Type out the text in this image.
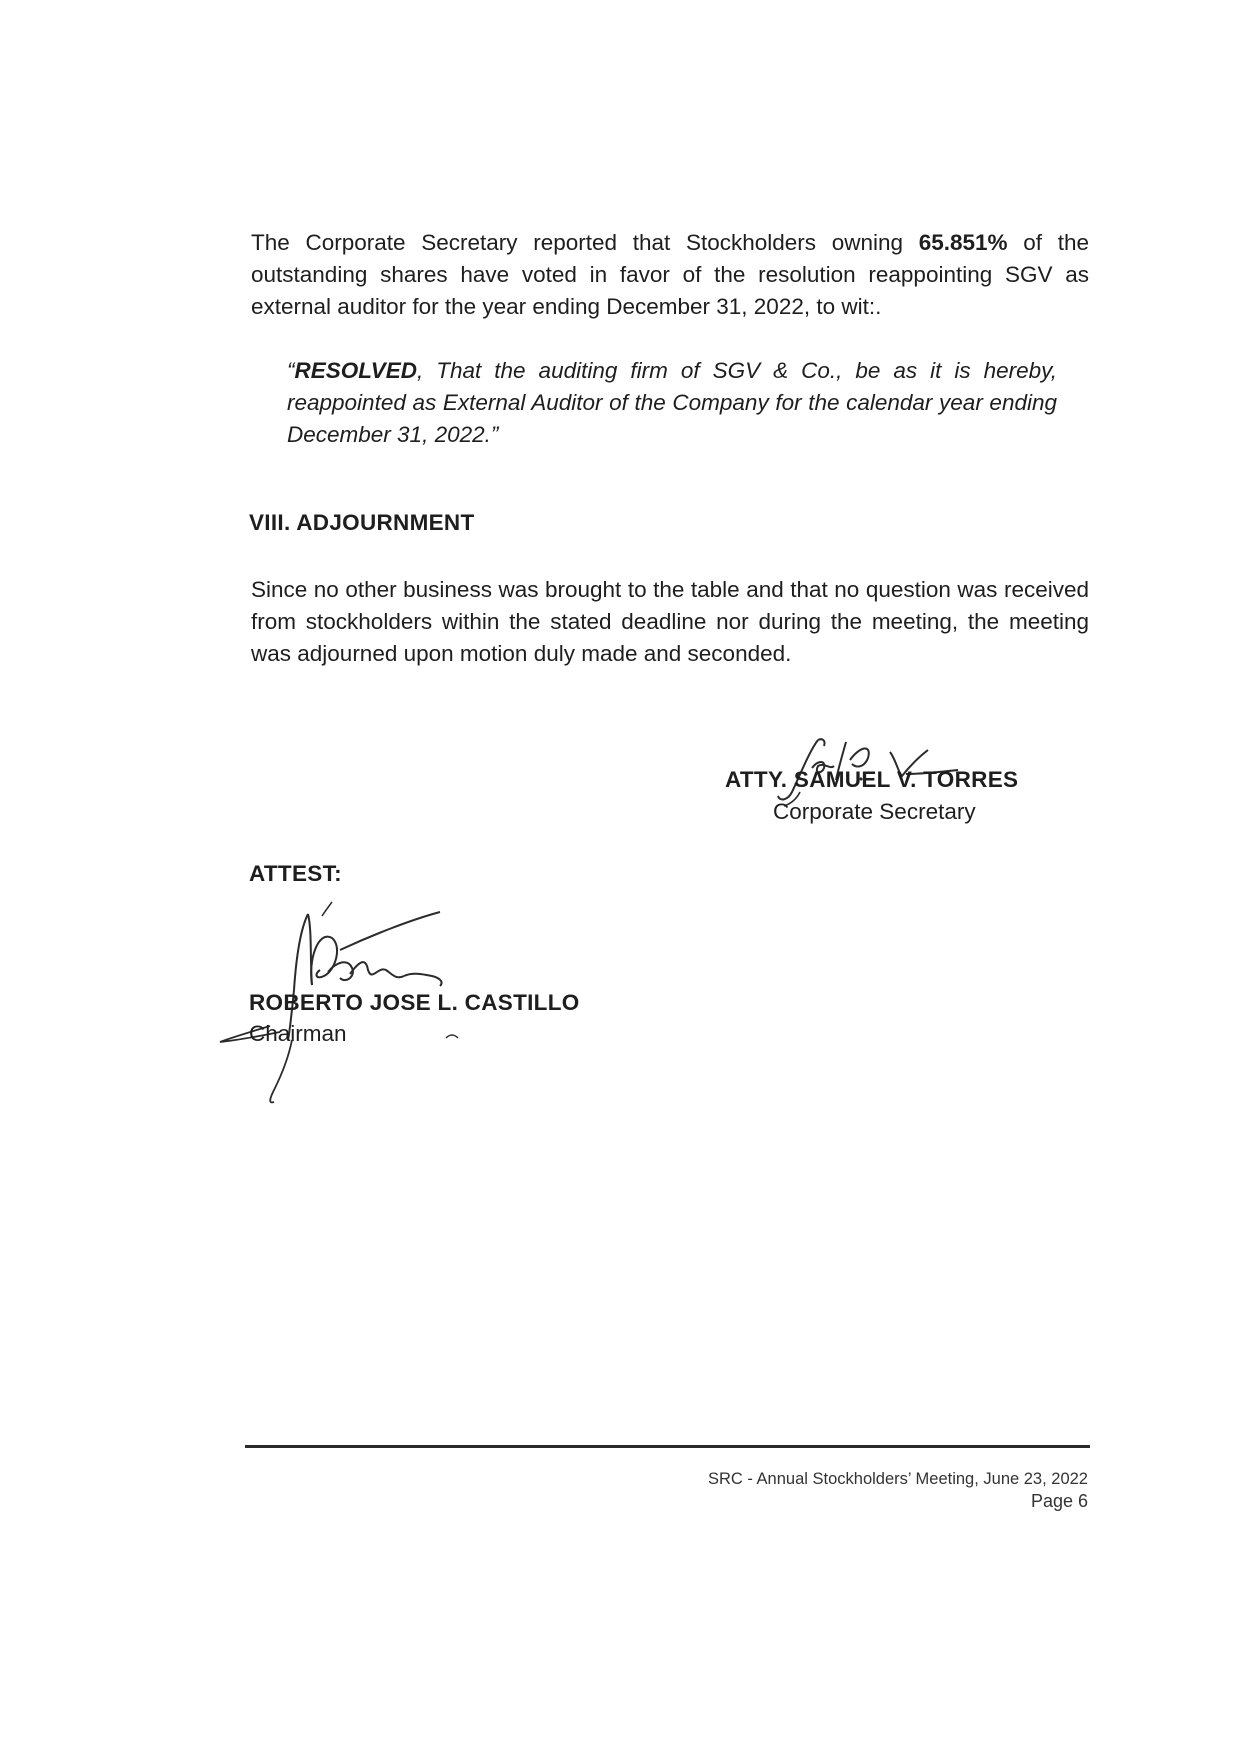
The Corporate Secretary reported that Stockholders owning 65.851% of the outstanding shares have voted in favor of the resolution reappointing SGV as external auditor for the year ending December 31, 2022, to wit:.

“RESOLVED, That the auditing firm of SGV & Co., be as it is hereby, reappointed as External Auditor of the Company for the calendar year ending December 31, 2022.”

VIII. ADJOURNMENT

Since no other business was brought to the table and that no question was received from stockholders within the stated deadline nor during the meeting, the meeting was adjourned upon motion duly made and seconded.

ATTY. SAMUEL V. TORRES
Corporate Secretary
ATTEST:
ROBERTO JOSE L. CASTILLO
Chairman
SRC - Annual Stockholders’ Meeting, June 23, 2022
Page 6
